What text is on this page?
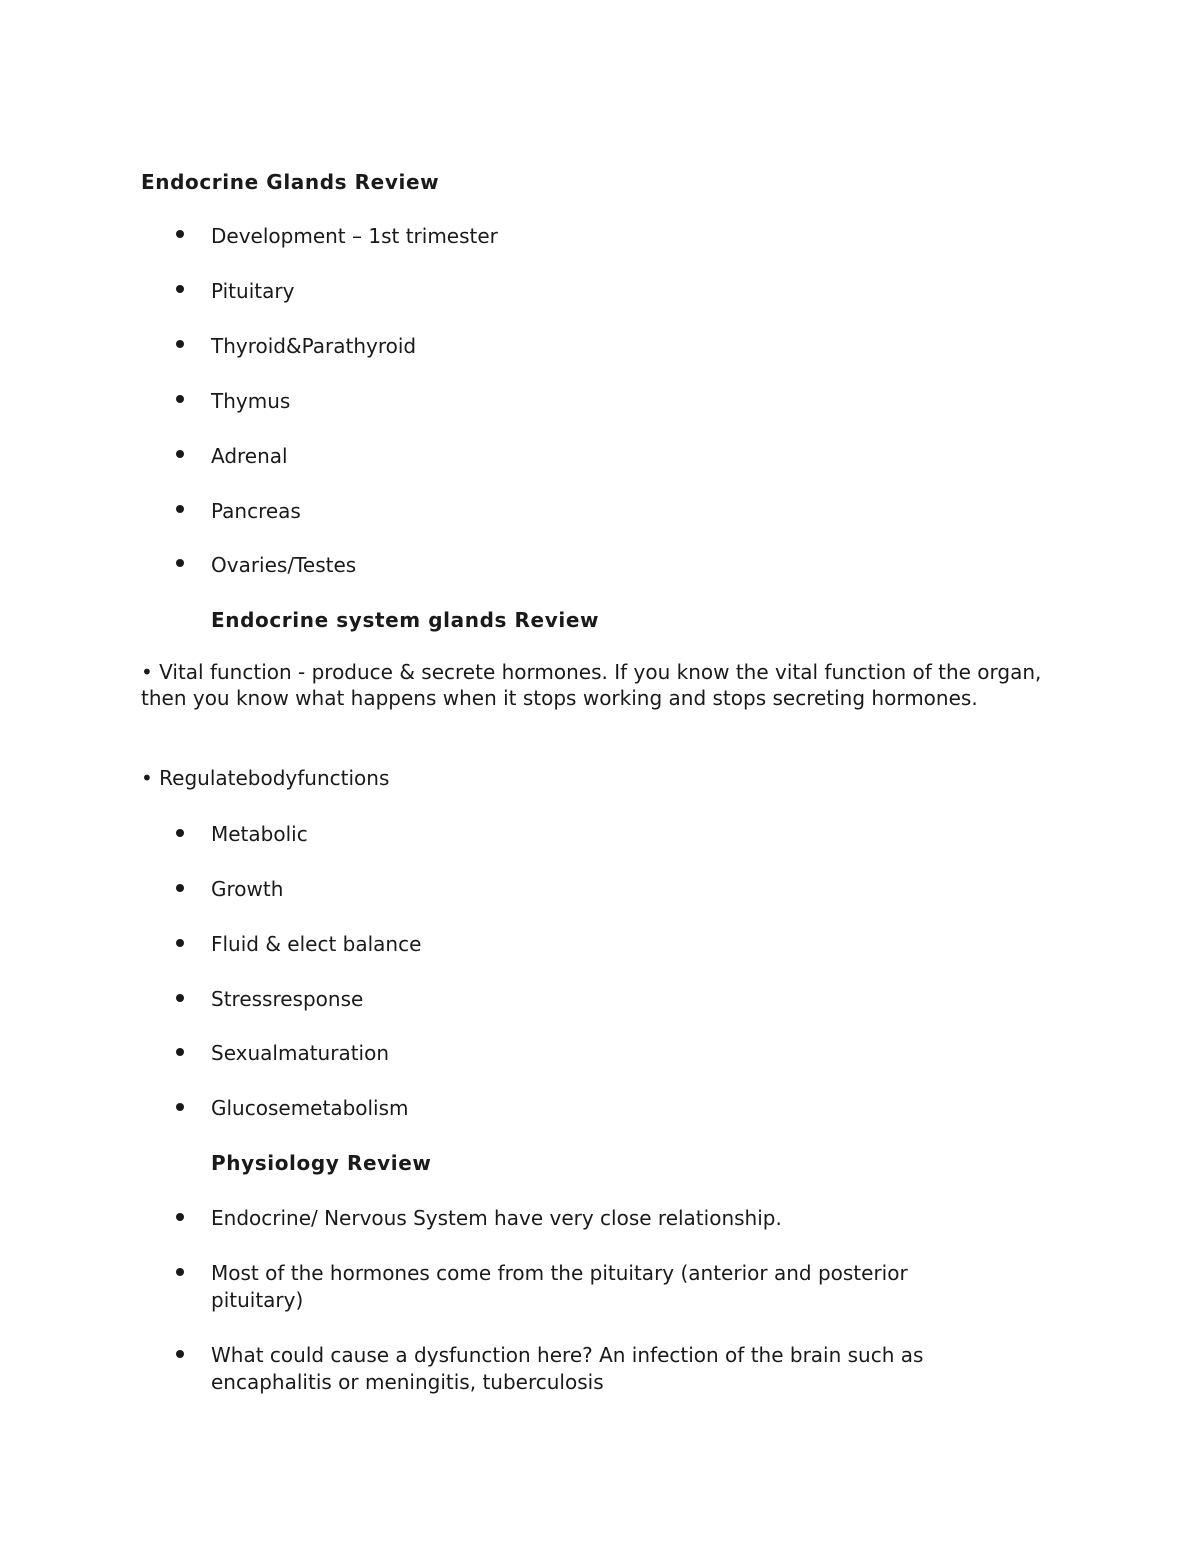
Endocrine Glands Review
Development – 1st trimester
Pituitary
Thyroid&Parathyroid
Thymus
Adrenal
Pancreas
Ovaries/Testes
Endocrine system glands Review
• Vital function - produce & secrete hormones. If you know the vital function of the organ, then you know what happens when it stops working and stops secreting hormones.
• Regulatebodyfunctions
Metabolic
Growth
Fluid & elect balance
Stressresponse
Sexualmaturation
Glucosemetabolism
Physiology Review
Endocrine/ Nervous System have very close relationship.
Most of the hormones come from the pituitary (anterior and posterior pituitary)
What could cause a dysfunction here? An infection of the brain such as encaphalitis or meningitis, tuberculosis
